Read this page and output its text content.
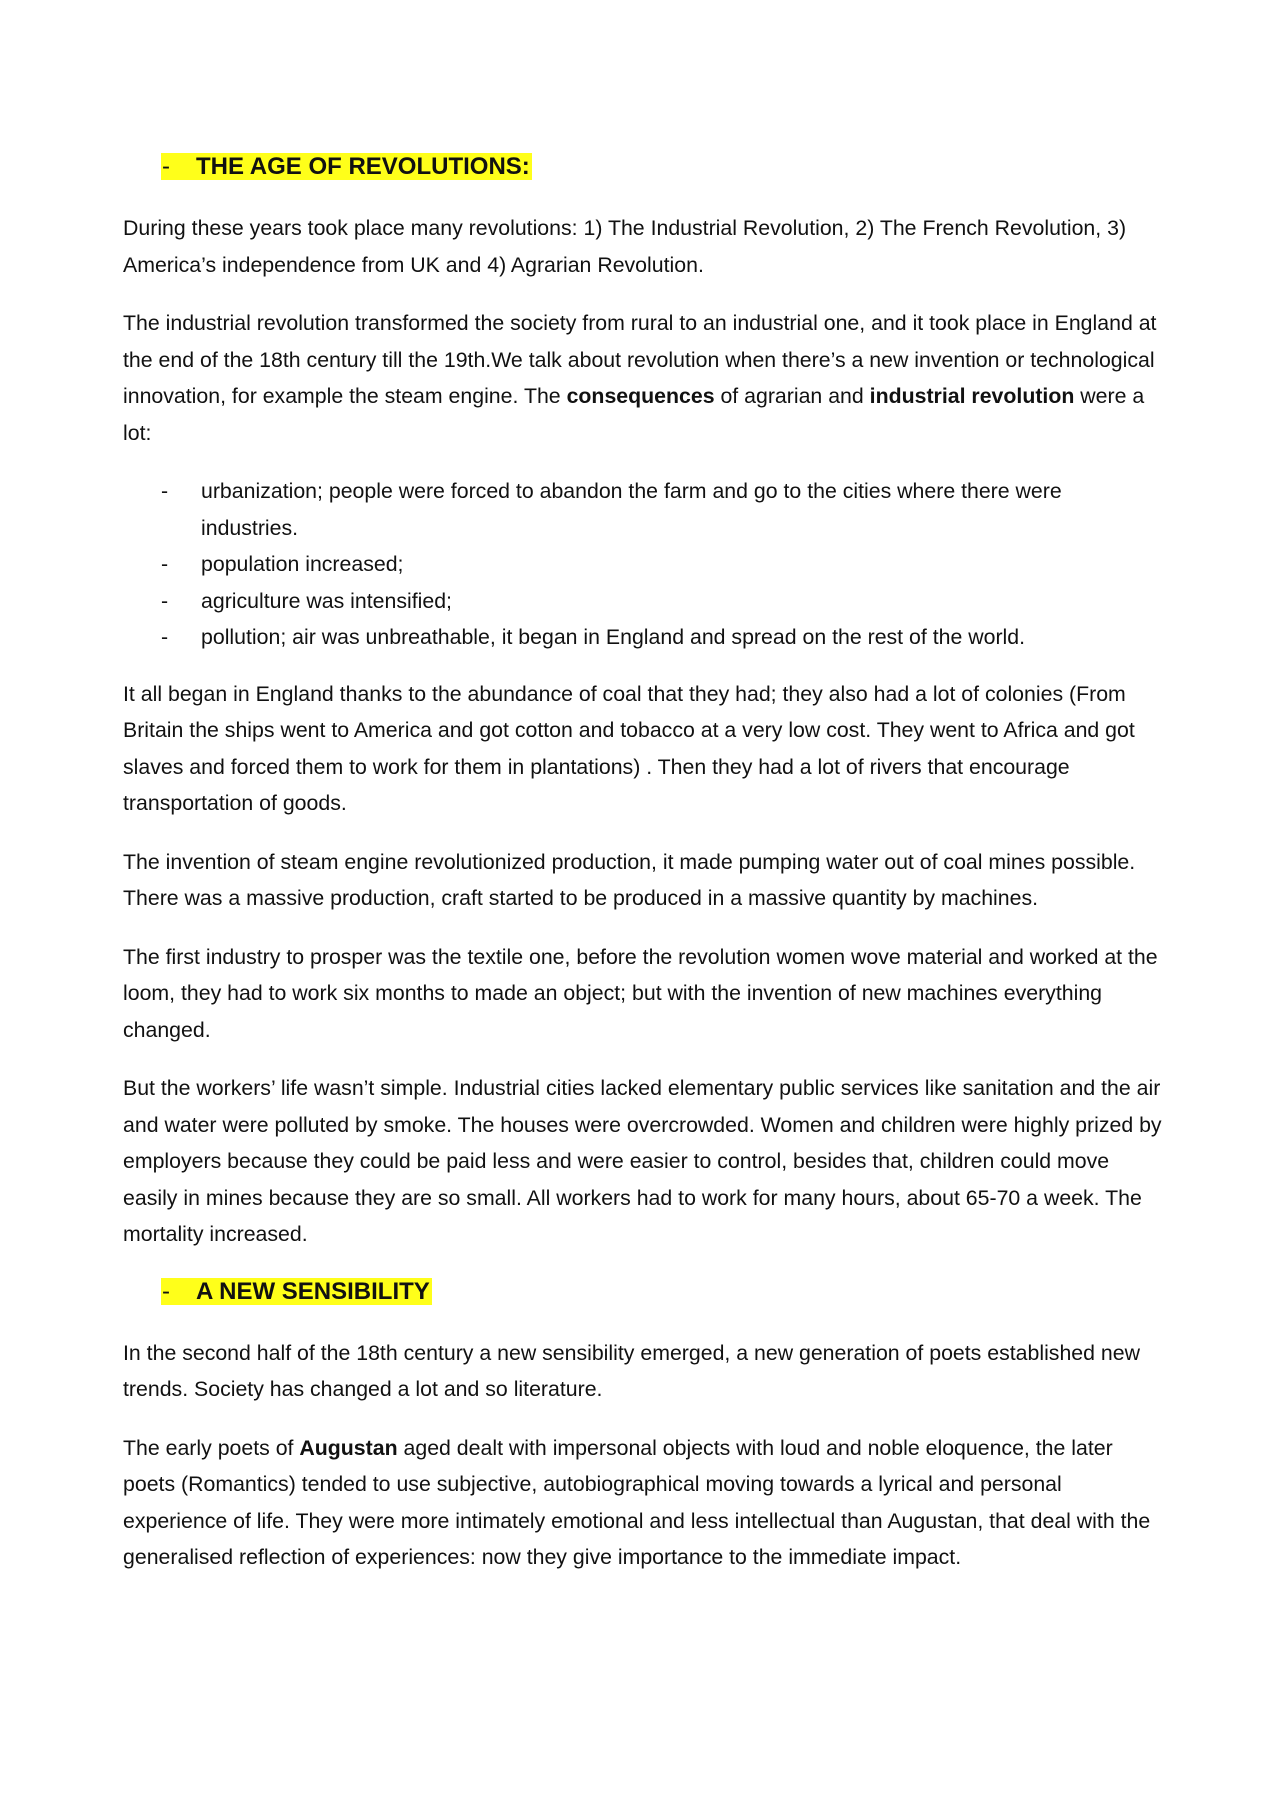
- THE AGE OF REVOLUTIONS:

During these years took place many revolutions: 1) The Industrial Revolution, 2) The French Revolution, 3) America’s independence from UK and 4) Agrarian Revolution.

The industrial revolution transformed the society from rural to an industrial one, and it took place in England at the end of the 18th century till the 19th.We talk about revolution when there’s a new invention or technological innovation, for example the steam engine. The consequences of agrarian and industrial revolution were a lot:

- urbanization; people were forced to abandon the farm and go to the cities where there were industries.
- population increased;
- agriculture was intensified;
- pollution; air was unbreathable, it began in England and spread on the rest of the world.

It all began in England thanks to the abundance of coal that they had; they also had a lot of colonies (From Britain the ships went to America and got cotton and tobacco at a very low cost. They went to Africa and got slaves and forced them to work for them in plantations) . Then they had a lot of rivers that encourage transportation of goods.

The invention of steam engine revolutionized production, it made pumping water out of coal mines possible. There was a massive production, craft started to be produced in a massive quantity by machines.

The first industry to prosper was the textile one, before the revolution women wove material and worked at the loom, they had to work six months to made an object; but with the invention of new machines everything changed.

But the workers’ life wasn’t simple. Industrial cities lacked elementary public services like sanitation and the air and water were polluted by smoke. The houses were overcrowded. Women and children were highly prized by employers because they could be paid less and were easier to control, besides that, children could move easily in mines because they are so small. All workers had to work for many hours, about 65-70 a week. The mortality increased.

- A NEW SENSIBILITY

In the second half of the 18th century a new sensibility emerged, a new generation of poets established new trends. Society has changed a lot and so literature.

The early poets of Augustan aged dealt with impersonal objects with loud and noble eloquence, the later poets (Romantics) tended to use subjective, autobiographical moving towards a lyrical and personal experience of life. They were more intimately emotional and less intellectual than Augustan, that deal with the generalised reflection of experiences: now they give importance to the immediate impact.
